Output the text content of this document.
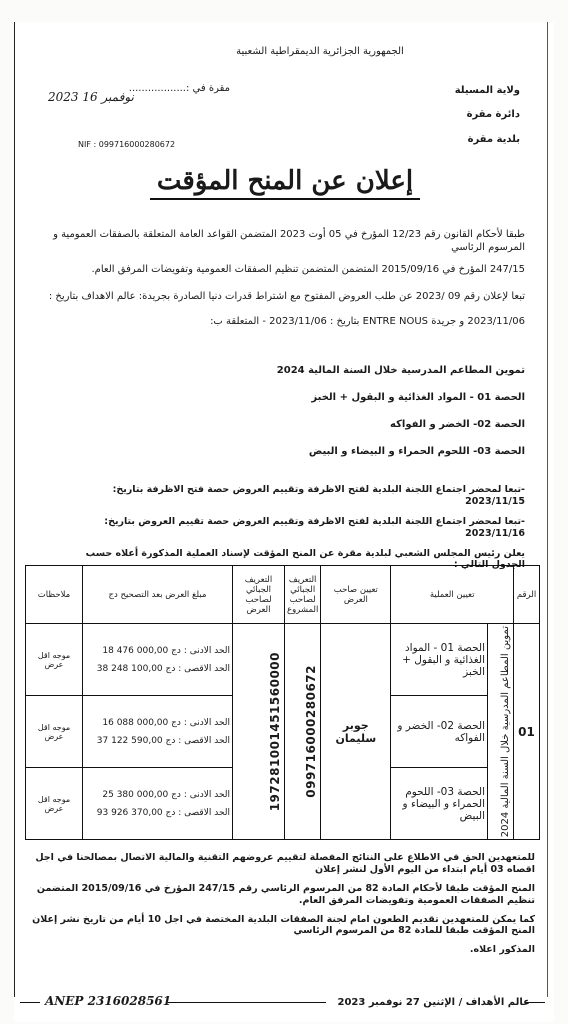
الجمهورية الجزائرية الديمقراطية الشعبية
ولاية المسيلة
دائرة مقرة
بلدية مقرة
مقرة في :..................
2023 16 نوفمبر
NIF : 099716000280672
إعلان عن المنح المؤقت

طبقا لأحكام القانون رقم 12/23 المؤرخ في 05 أوت 2023 المتضمن القواعد العامة المتعلقة بالصفقات العمومية و المرسوم الرئاسي

247/15 المؤرخ في 2015/09/16 المتضمن المتضمن تنظيم الصفقات العمومية وتفويضات المرفق العام.

تبعا لإعلان رقم 09 /2023 عن طلب العروض المفتوح مع اشتراط قدرات دنيا الصادرة بجريدة: عالم الاهداف بتاريخ :

2023/11/06 و جريدة ENTRE NOUS بتاريخ : 2023/11/06 - المتعلقة ب:

تموين المطاعم المدرسية خلال السنة المالية 2024

الحصة 01 - المواد الغذائية و البقول + الخبز

الحصة 02- الخضر و الفواكه

الحصة 03- اللحوم الحمراء و البيضاء و البيض

-تبعا لمحضر اجتماع اللجنة البلدية لفتح الاظرفة وتقييم العروض حصة فتح الاظرفة بتاريخ: 2023/11/15

-تبعا لمحضر اجتماع اللجنة البلدية لفتح الاظرفة وتقييم العروض حصة تقييم العروض بتاريخ: 2023/11/16

يعلن رئيس المجلس الشعبي لبلدية مقرة عن المنح المؤقت لإسناد العملية المذكورة أعلاه حسب الجدول التالي :

الرقم	تعيين العملية		تعيين صاحب العرض	التعريف الجبائي لصاحب المشروع	التعريف الجبائي لصاحب العرض	مبلغ العرض بعد التصحيح دج	ملاحظات
01	تموين المطاعم المدرسية خلال السنة المالية 2024	الحصة 01 - المواد الغذائية و البقول + الخبز	جوبر سليمان	099716000280672	197281001451560000	الحد الادنى : 18 476 000,00 دج
الحد الاقصى : 38 248 100,00 دج	موجه اقل عرض
		الحصة 02- الخضر و الفواكه				الحد الادنى : 16 088 000,00 دج
الحد الاقصى : 37 122 590,00 دج	موجه اقل عرض
		الحصة 03- اللحوم الحمراء و البيضاء و البيض				الحد الادنى : 25 380 000,00 دج
الحد الاقصى : 93 926 370,00 دج	موجه اقل عرض

للمتعهدين الحق في الاطلاع على النتائج المفصلة لتقييم عروضهم التقنية والمالية الاتصال بمصالحنا في اجل اقصاه 03 أيام ابتداء من اليوم الأول لنشر إعلان

المنح المؤقت طبقا لأحكام المادة 82 من المرسوم الرئاسي رقم 247/15 المؤرخ في 2015/09/16 المتضمن تنظيم الصفقات العمومية وتفويضات المرفق العام.

كما يمكن للمتعهدين تقديم الطعون امام لجنة الصفقات البلدية المختصة في اجل 10 أيام من تاريخ نشر إعلان المنح المؤقت طبقا للمادة 82 من المرسوم الرئاسي

المذكور اعلاه.

ANEP 2316028561	عالم الأهداف / الإثنين 27 نوفمبر 2023
